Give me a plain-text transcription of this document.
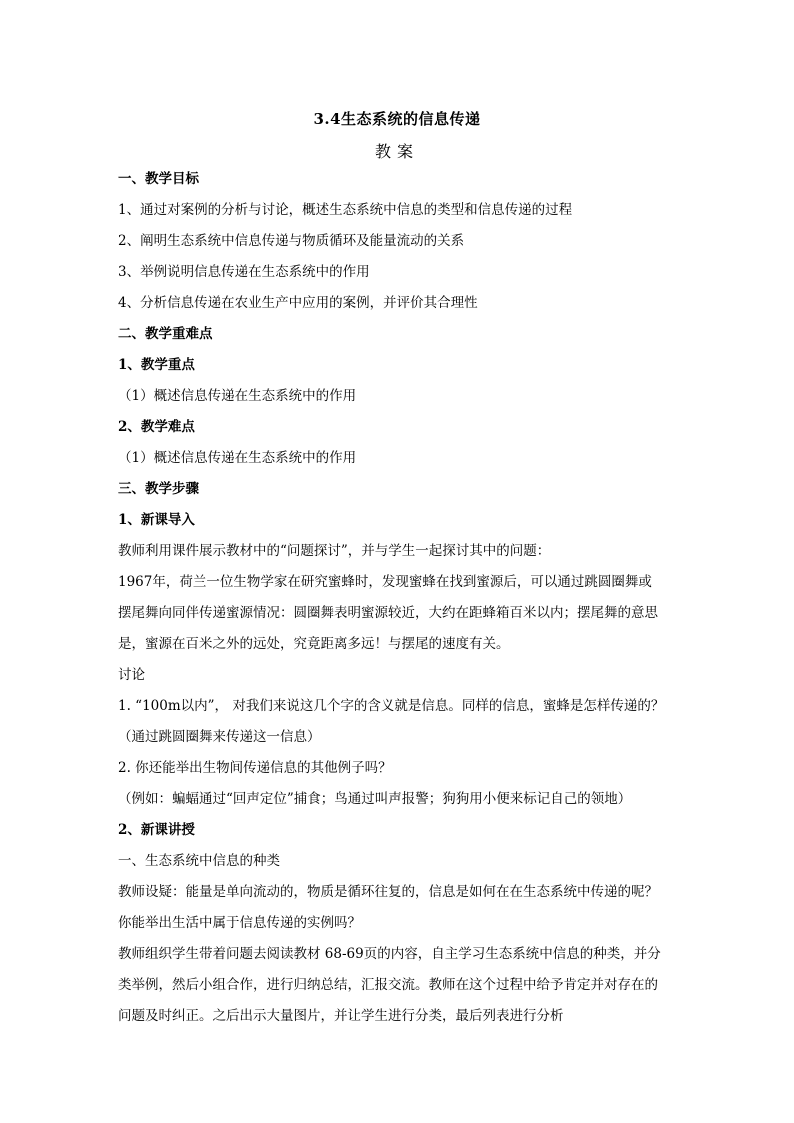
3.4生态系统的信息传递
教案
一、教学目标
1、通过对案例的分析与讨论，概述生态系统中信息的类型和信息传递的过程
2、阐明生态系统中信息传递与物质循环及能量流动的关系
3、举例说明信息传递在生态系统中的作用
4、分析信息传递在农业生产中应用的案例，并评价其合理性
二、教学重难点
1、教学重点
（1）概述信息传递在生态系统中的作用
2、教学难点
（1）概述信息传递在生态系统中的作用
三、教学步骤
1、新课导入
教师利用课件展示教材中的“问题探讨”，并与学生一起探讨其中的问题：
1967年，荷兰一位生物学家在研究蜜蜂时，发现蜜蜂在找到蜜源后，可以通过跳圆圈舞或
摆尾舞向同伴传递蜜源情况：圆圈舞表明蜜源较近，大约在距蜂箱百米以内；摆尾舞的意思
是，蜜源在百米之外的远处，究竟距离多远！与摆尾的速度有关。
讨论
1. “100m以内”， 对我们来说这几个字的含义就是信息。同样的信息，蜜蜂是怎样传递的？
（通过跳圆圈舞来传递这一信息）
2. 你还能举出生物间传递信息的其他例子吗？
（例如：蝙蝠通过“回声定位”捕食；鸟通过叫声报警；狗狗用小便来标记自己的领地）
2、新课讲授
一、生态系统中信息的种类
教师设疑：能量是单向流动的，物质是循环往复的，信息是如何在在生态系统中传递的呢？
你能举出生活中属于信息传递的实例吗？
教师组织学生带着问题去阅读教材 68-69页的内容，自主学习生态系统中信息的种类，并分
类举例，然后小组合作，进行归纳总结，汇报交流。教师在这个过程中给予肯定并对存在的
问题及时纠正。之后出示大量图片，并让学生进行分类，最后列表进行分析
